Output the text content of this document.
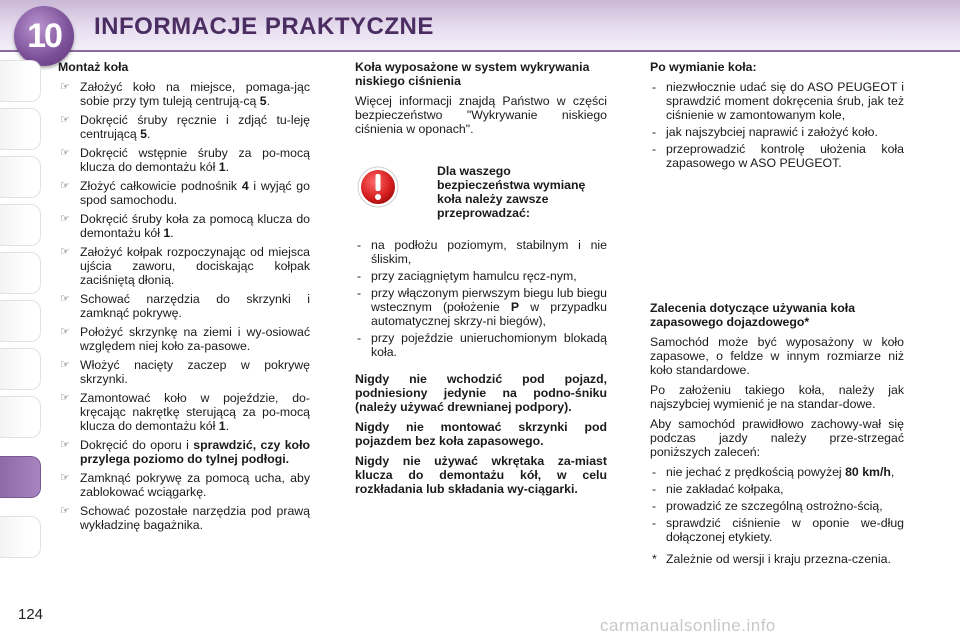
10	INFORMACJE PRAKTYCZNE
124
Montaż koła
☞ Założyć koło na miejsce, pomaga-jąc sobie przy tym tuleją centrują-cą 5.
☞ Dokręcić śruby ręcznie i zdjąć tu-leję centrującą 5.
☞ Dokręcić wstępnie śruby za po-mocą klucza do demontażu kół 1.
☞ Złożyć całkowicie podnośnik 4 i wyjąć go spod samochodu.
☞ Dokręcić śruby koła za pomocą klucza do demontażu kół 1.
☞ Założyć kołpak rozpoczynając od miejsca ujścia zaworu, dociskając kołpak zaciśniętą dłonią.
☞ Schować narzędzia do skrzynki i zamknąć pokrywę.
☞ Położyć skrzynkę na ziemi i wy-osiować względem niej koło za-pasowe.
☞ Włożyć nacięty zaczep w pokrywę skrzynki.
☞ Zamontować koło w pojeździe, do-kręcając nakrętkę sterującą za po-mocą klucza do demontażu kół 1.
☞ Dokręcić do oporu i sprawdzić, czy koło przylega poziomo do tylnej podłogi.
☞ Zamknąć pokrywę za pomocą ucha, aby zablokować wciągarkę.
☞ Schować pozostałe narzędzia pod prawą wykładzinę bagażnika.
Koła wyposażone w system wykrywania niskiego ciśnienia
Więcej informacji znajdą Państwo w części bezpieczeństwo "Wykrywanie niskiego ciśnienia w oponach".
Dla waszego bezpieczeństwa wymianę koła należy zawsze przeprowadzać:
- na podłożu poziomym, stabilnym i nie śliskim,
- przy zaciągniętym hamulcu ręcz-nym,
- przy włączonym pierwszym biegu lub biegu wstecznym (położenie P w przypadku automatycznej skrzy-ni biegów),
- przy pojeździe unieruchomionym blokadą koła.
Nigdy nie wchodzić pod pojazd, podniesiony jedynie na podno-śniku (należy używać drewnianej podpory).
Nigdy nie montować skrzynki pod pojazdem bez koła zapasowego.
Nigdy nie używać wkrętaka za-miast klucza do demontażu kół, w celu rozkładania lub składania wy-ciągarki.
Po wymianie koła:
- niezwłocznie udać się do ASO PEUGEOT i sprawdzić moment dokręcenia śrub, jak też ciśnienie w zamontowanym kole,
- jak najszybciej naprawić i założyć koło.
- przeprowadzić kontrolę ułożenia koła zapasowego w ASO PEUGEOT.
Zalecenia dotyczące używania koła zapasowego dojazdowego*
Samochód może być wyposażony w koło zapasowe, o feldze w innym rozmiarze niż koło standardowe.
Po założeniu takiego koła, należy jak najszybciej wymienić je na standar-dowe.
Aby samochód prawidłowo zachowy-wał się podczas jazdy należy prze-strzegać poniższych zaleceń:
- nie jechać z prędkością powyżej 80 km/h,
- nie zakładać kołpaka,
- prowadzić ze szczególną ostrożno-ścią,
- sprawdzić ciśnienie w oponie we-dług dołączonej etykiety.
* Zależnie od wersji i kraju przezna-czenia.
carmanualsonline.info
